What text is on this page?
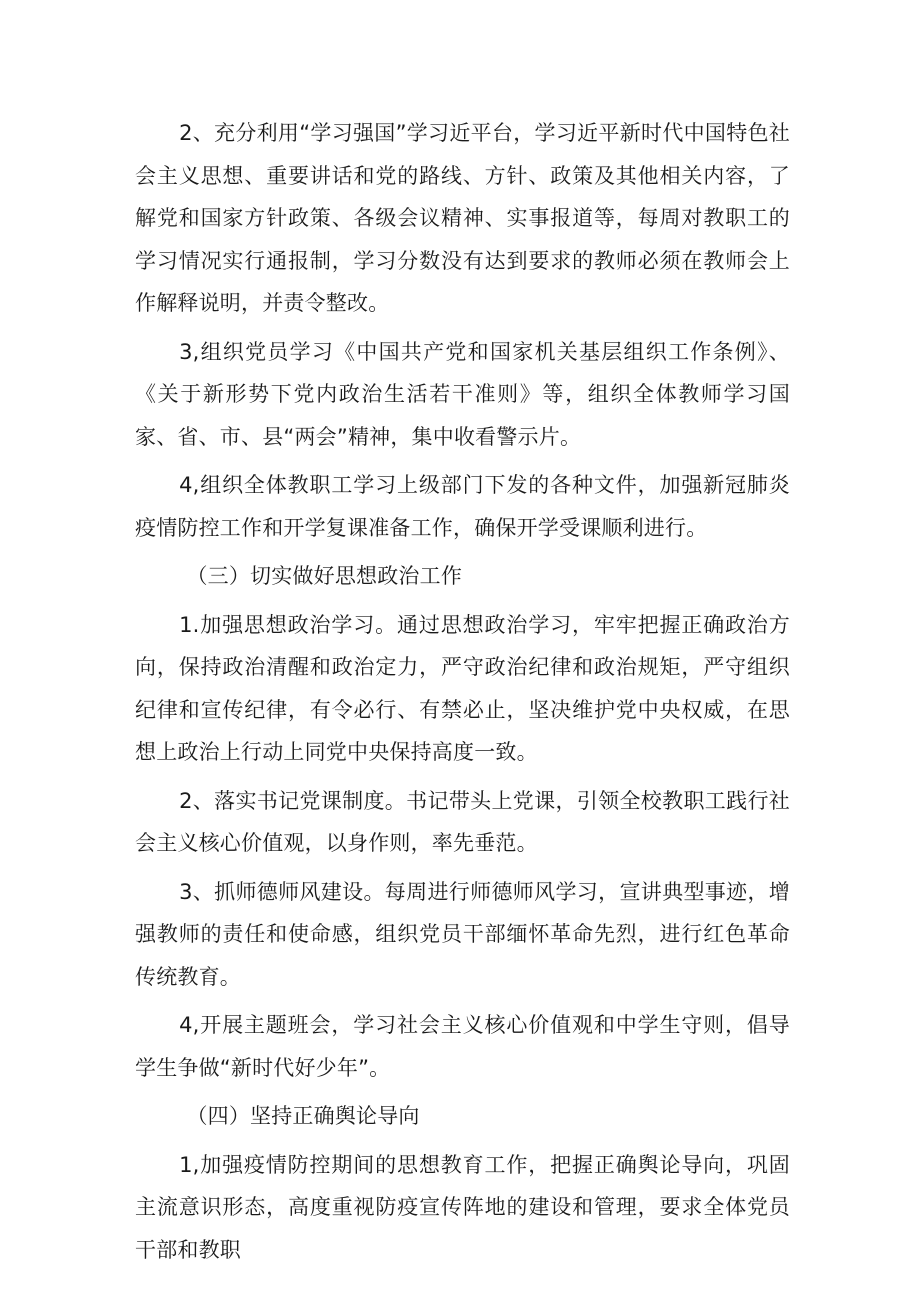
2、充分利用“学习强国”学习近平台，学习近平新时代中国特色社会主义思想、重要讲话和党的路线、方针、政策及其他相关内容，了解党和国家方针政策、各级会议精神、实事报道等，每周对教职工的学习情况实行通报制，学习分数没有达到要求的教师必须在教师会上作解释说明，并责令整改。

3,组织党员学习《中国共产党和国家机关基层组织工作条例》、《关于新形势下党内政治生活若干准则》等，组织全体教师学习国家、省、市、县“两会”精神，集中收看警示片。

4,组织全体教职工学习上级部门下发的各种文件，加强新冠肺炎疫情防控工作和开学复课准备工作，确保开学受课顺利进行。

（三）切实做好思想政治工作

1.加强思想政治学习。通过思想政治学习，牢牢把握正确政治方向，保持政治清醒和政治定力，严守政治纪律和政治规矩，严守组织纪律和宣传纪律，有令必行、有禁必止，坚决维护党中央权威，在思想上政治上行动上同党中央保持高度一致。

2、落实书记党课制度。书记带头上党课，引领全校教职工践行社会主义核心价值观，以身作则，率先垂范。

3、抓师德师风建设。每周进行师德师风学习，宣讲典型事迹，增强教师的责任和使命感，组织党员干部缅怀革命先烈，进行红色革命传统教育。

4,开展主题班会，学习社会主义核心价值观和中学生守则，倡导学生争做“新时代好少年”。

（四）坚持正确舆论导向

1,加强疫情防控期间的思想教育工作，把握正确舆论导向，巩固主流意识形态，高度重视防疫宣传阵地的建设和管理，要求全体党员干部和教职
